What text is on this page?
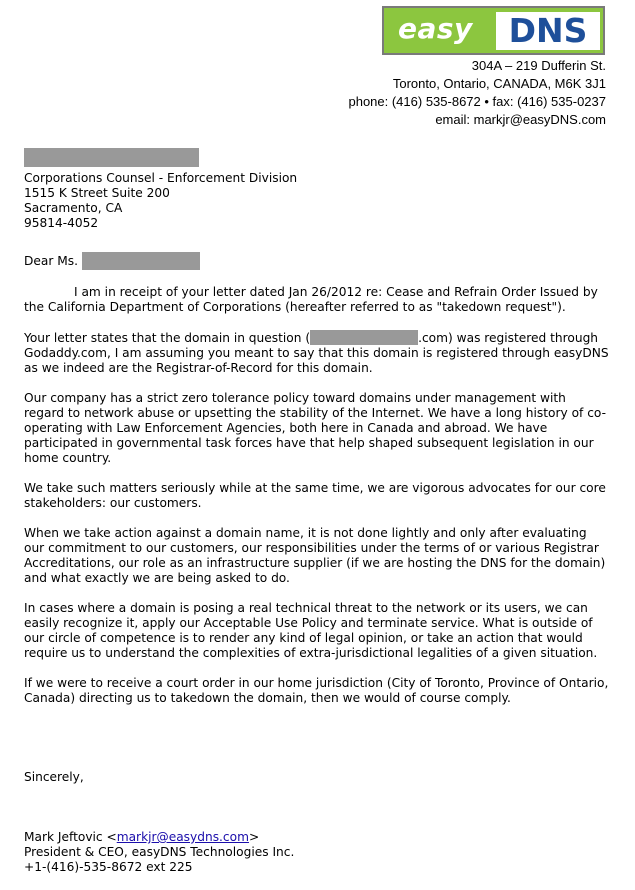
easy	DNS
304A – 219 Dufferin St.
Toronto, Ontario, CANADA, M6K 3J1
phone: (416) 535-8672 • fax: (416) 535-0237
email: markjr@easyDNS.com
Corporations Counsel - Enforcement Division
1515 K Street Suite 200
Sacramento, CA
95814-4052

Dear Ms.

I am in receipt of your letter dated Jan 26/2012 re: Cease and Refrain Order Issued by the California Department of Corporations (hereafter referred to as "takedown request").

Your letter states that the domain in question (	.com) was registered through Godaddy.com, I am assuming you meant to say that this domain is registered through easyDNS as we indeed are the Registrar-of-Record for this domain.

Our company has a strict zero tolerance policy toward domains under management with regard to network abuse or upsetting the stability of the Internet. We have a long history of co-operating with Law Enforcement Agencies, both here in Canada and abroad. We have participated in governmental task forces have that help shaped subsequent legislation in our home country.

We take such matters seriously while at the same time, we are vigorous advocates for our core stakeholders: our customers.

When we take action against a domain name, it is not done lightly and only after evaluating our commitment to our customers, our responsibilities under the terms of or various Registrar Accreditations, our role as an infrastructure supplier (if we are hosting the DNS for the domain) and what exactly we are being asked to do.

In cases where a domain is posing a real technical threat to the network or its users, we can easily recognize it, apply our Acceptable Use Policy and terminate service. What is outside of our circle of competence is to render any kind of legal opinion, or take an action that would require us to understand the complexities of extra-jurisdictional legalities of a given situation.

If we were to receive a court order in our home jurisdiction (City of Toronto, Province of Ontario, Canada) directing us to takedown the domain, then we would of course comply.

Sincerely,

Mark Jeftovic <markjr@easydns.com>
President & CEO, easyDNS Technologies Inc.
+1-(416)-535-8672 ext 225
